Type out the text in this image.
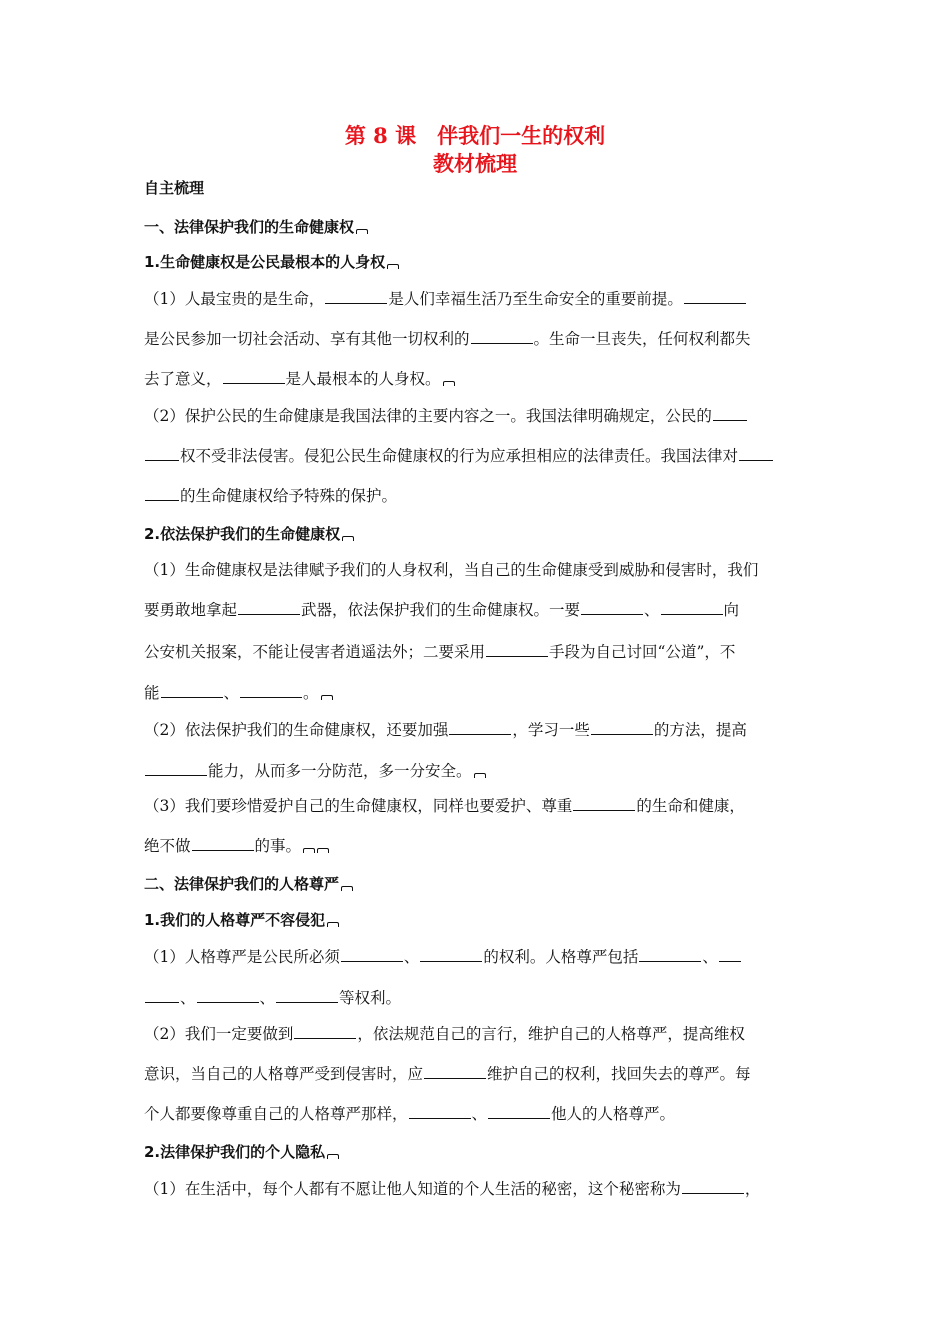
第 8 课　伴我们一生的权利
教材梳理
自主梳理
一、法律保护我们的生命健康权
1.生命健康权是公民最根本的人身权
（1）人最宝贵的是生命，	是人们幸福生活乃至生命安全的重要前提。
是公民参加一切社会活动、享有其他一切权利的	。生命一旦丧失，任何权利都失
去了意义，	是人最根本的人身权。
（2）保护公民的生命健康是我国法律的主要内容之一。我国法律明确规定，公民的
权不受非法侵害。侵犯公民生命健康权的行为应承担相应的法律责任。我国法律对
的生命健康权给予特殊的保护。
2.依法保护我们的生命健康权
（1）生命健康权是法律赋予我们的人身权利，当自己的生命健康受到威胁和侵害时，我们
要勇敢地拿起	武器，依法保护我们的生命健康权。一要	、	向
公安机关报案，不能让侵害者逍遥法外；二要采用	手段为自己讨回“公道”，不
能	、	。
（2）依法保护我们的生命健康权，还要加强	，学习一些	的方法，提高
能力，从而多一分防范，多一分安全。
（3）我们要珍惜爱护自己的生命健康权，同样也要爱护、尊重	的生命和健康，
绝不做	的事。
二、法律保护我们的人格尊严
1.我们的人格尊严不容侵犯
（1）人格尊严是公民所必须	、	的权利。人格尊严包括	、
、	、	等权利。
（2）我们一定要做到	，依法规范自己的言行，维护自己的人格尊严，提高维权
意识，当自己的人格尊严受到侵害时，应	维护自己的权利，找回失去的尊严。每
个人都要像尊重自己的人格尊严那样，	、	他人的人格尊严。
2.法律保护我们的个人隐私
（1）在生活中，每个人都有不愿让他人知道的个人生活的秘密，这个秘密称为	，
